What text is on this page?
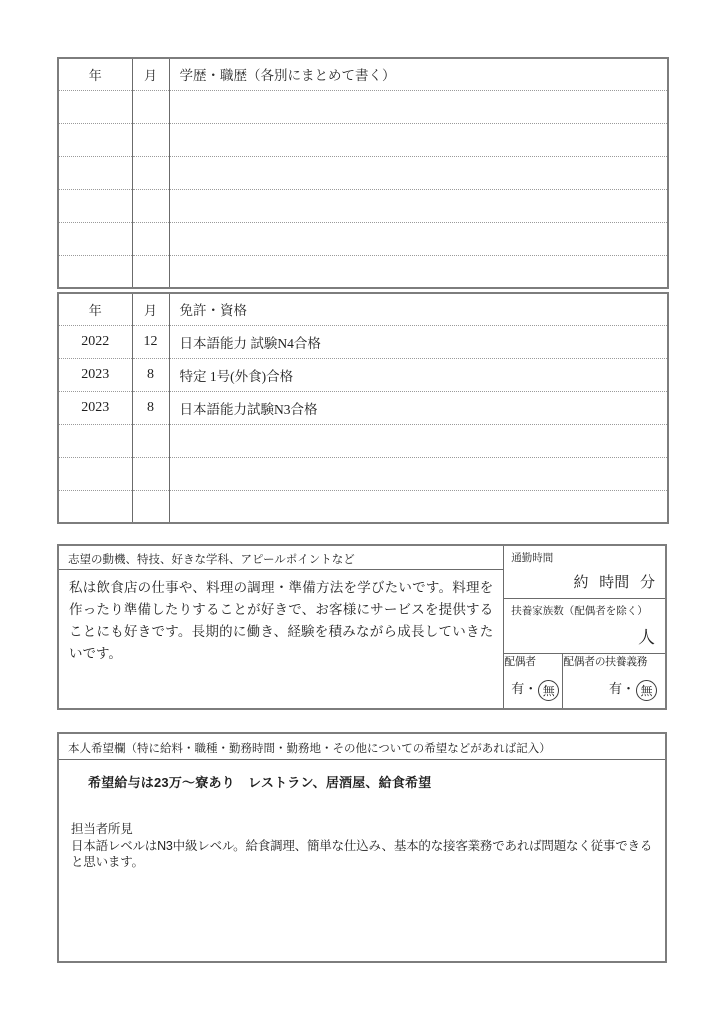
年	月	学歴・職歴（各別にまとめて書く）

年	月	免許・資格
2022	12	日本語能力 試験N4合格
2023	8	特定 1号(外食)合格
2023	8	日本語能力試験N3合格

志望の動機、特技、好きな学科、アピールポイントなど
私は飲食店の仕事や、料理の調理・準備方法を学びたいです。料理を作ったり準備したりすることが好きで、お客様にサービスを提供することにも好きです。長期的に働き、経験を積みながら成長していきたいです。
通勤時間
約 時間 分
扶養家族数（配偶者を除く）
人
配偶者
有・ 無
配偶者の扶養義務
有・ 無
本人希望欄（特に給料・職種・勤務時間・勤務地・その他についての希望などがあれば記入）
希望給与は23万〜寮あり　レストラン、居酒屋、給食希望
担当者所見
日本語レベルはN3中級レベル。給食調理、簡単な仕込み、基本的な接客業務であれば問題なく従事できると思います。
